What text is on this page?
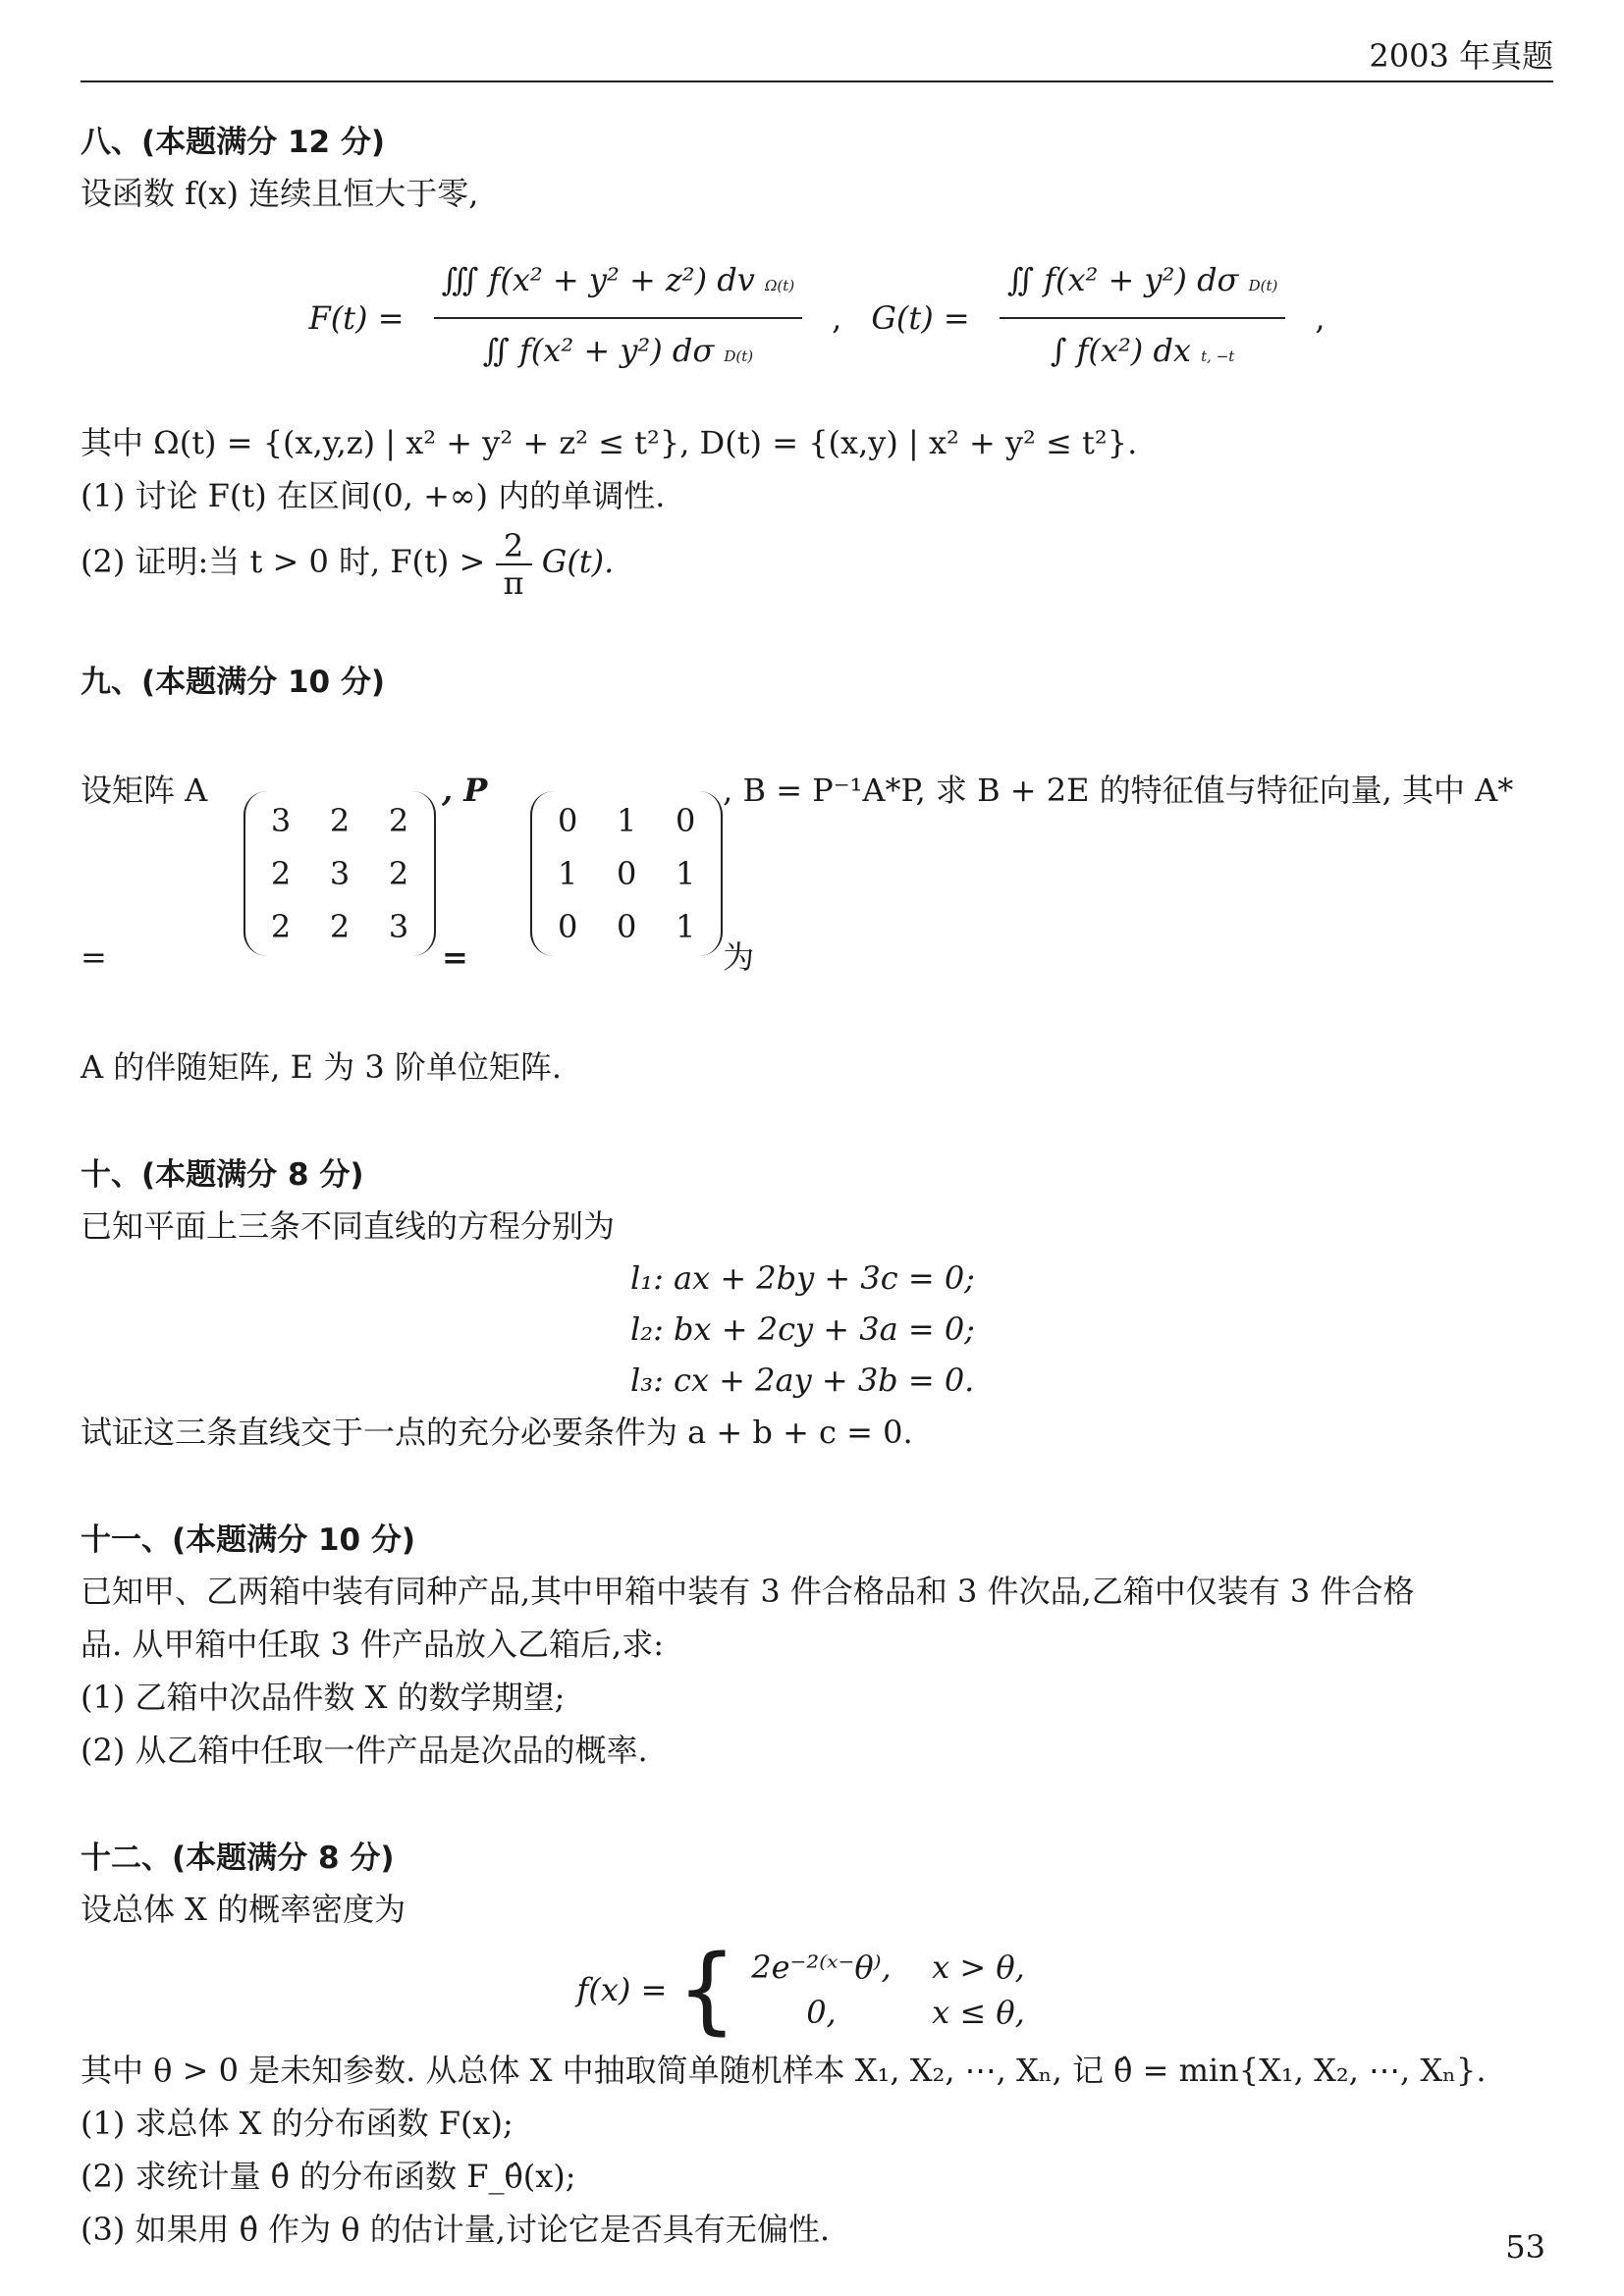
2003 年真题
八、(本题满分 12 分)

设函数 f(x) 连续且恒大于零,

$F(t) = \frac{\text{∭ f(x² + y² + z²) dv Ω(t)}}{\text{∬ f(x² + y²) dσ D(t)}}$ , $G(t) = \frac{\text{∬ f(x² + y²) dσ D(t)}}{\text{∫ f(x²) dx t, −t}}$ ,

其中 Ω(t) = {(x,y,z) | x² + y² + z² ≤ t²}, D(t) = {(x,y) | x² + y² ≤ t²}.

(1) 讨论 F(t) 在区间(0, +∞) 内的单调性.

(2) 证明:当 t > 0 时, $F(t) > \frac{2}{\pi} G(t)$.

九、(本题满分 10 分)

设矩阵 A =
3	2	2
2	3	2
2	2	3
, P =
0	1	0
1	0	1
0	0	1
, B = P⁻¹A*P, 求 B + 2E 的特征值与特征向量, 其中 A* 为

A 的伴随矩阵, E 为 3 阶单位矩阵.

十、(本题满分 8 分)

已知平面上三条不同直线的方程分别为

l₁: ax + 2by + 3c = 0;

l₂: bx + 2cy + 3a = 0;

l₃: cx + 2ay + 3b = 0.

试证这三条直线交于一点的充分必要条件为 a + b + c = 0.

十一、(本题满分 10 分)

已知甲、乙两箱中装有同种产品,其中甲箱中装有 3 件合格品和 3 件次品,乙箱中仅装有 3 件合格

品. 从甲箱中任取 3 件产品放入乙箱后,求:

(1) 乙箱中次品件数 X 的数学期望;

(2) 从乙箱中任取一件产品是次品的概率.

十二、(本题满分 8 分)

设总体 X 的概率密度为

f(x) = { 2e⁻²⁽ˣ⁻θ⁾,	x > θ,
0,	x ≤ θ,

其中 θ > 0 是未知参数. 从总体 X 中抽取简单随机样本 X₁, X₂, ⋯, Xₙ, 记 θ̂ = min{X₁, X₂, ⋯, Xₙ}.

(1) 求总体 X 的分布函数 F(x);

(2) 求统计量 θ̂ 的分布函数 F_θ̂(x);

(3) 如果用 θ̂ 作为 θ 的估计量,讨论它是否具有无偏性.	53
